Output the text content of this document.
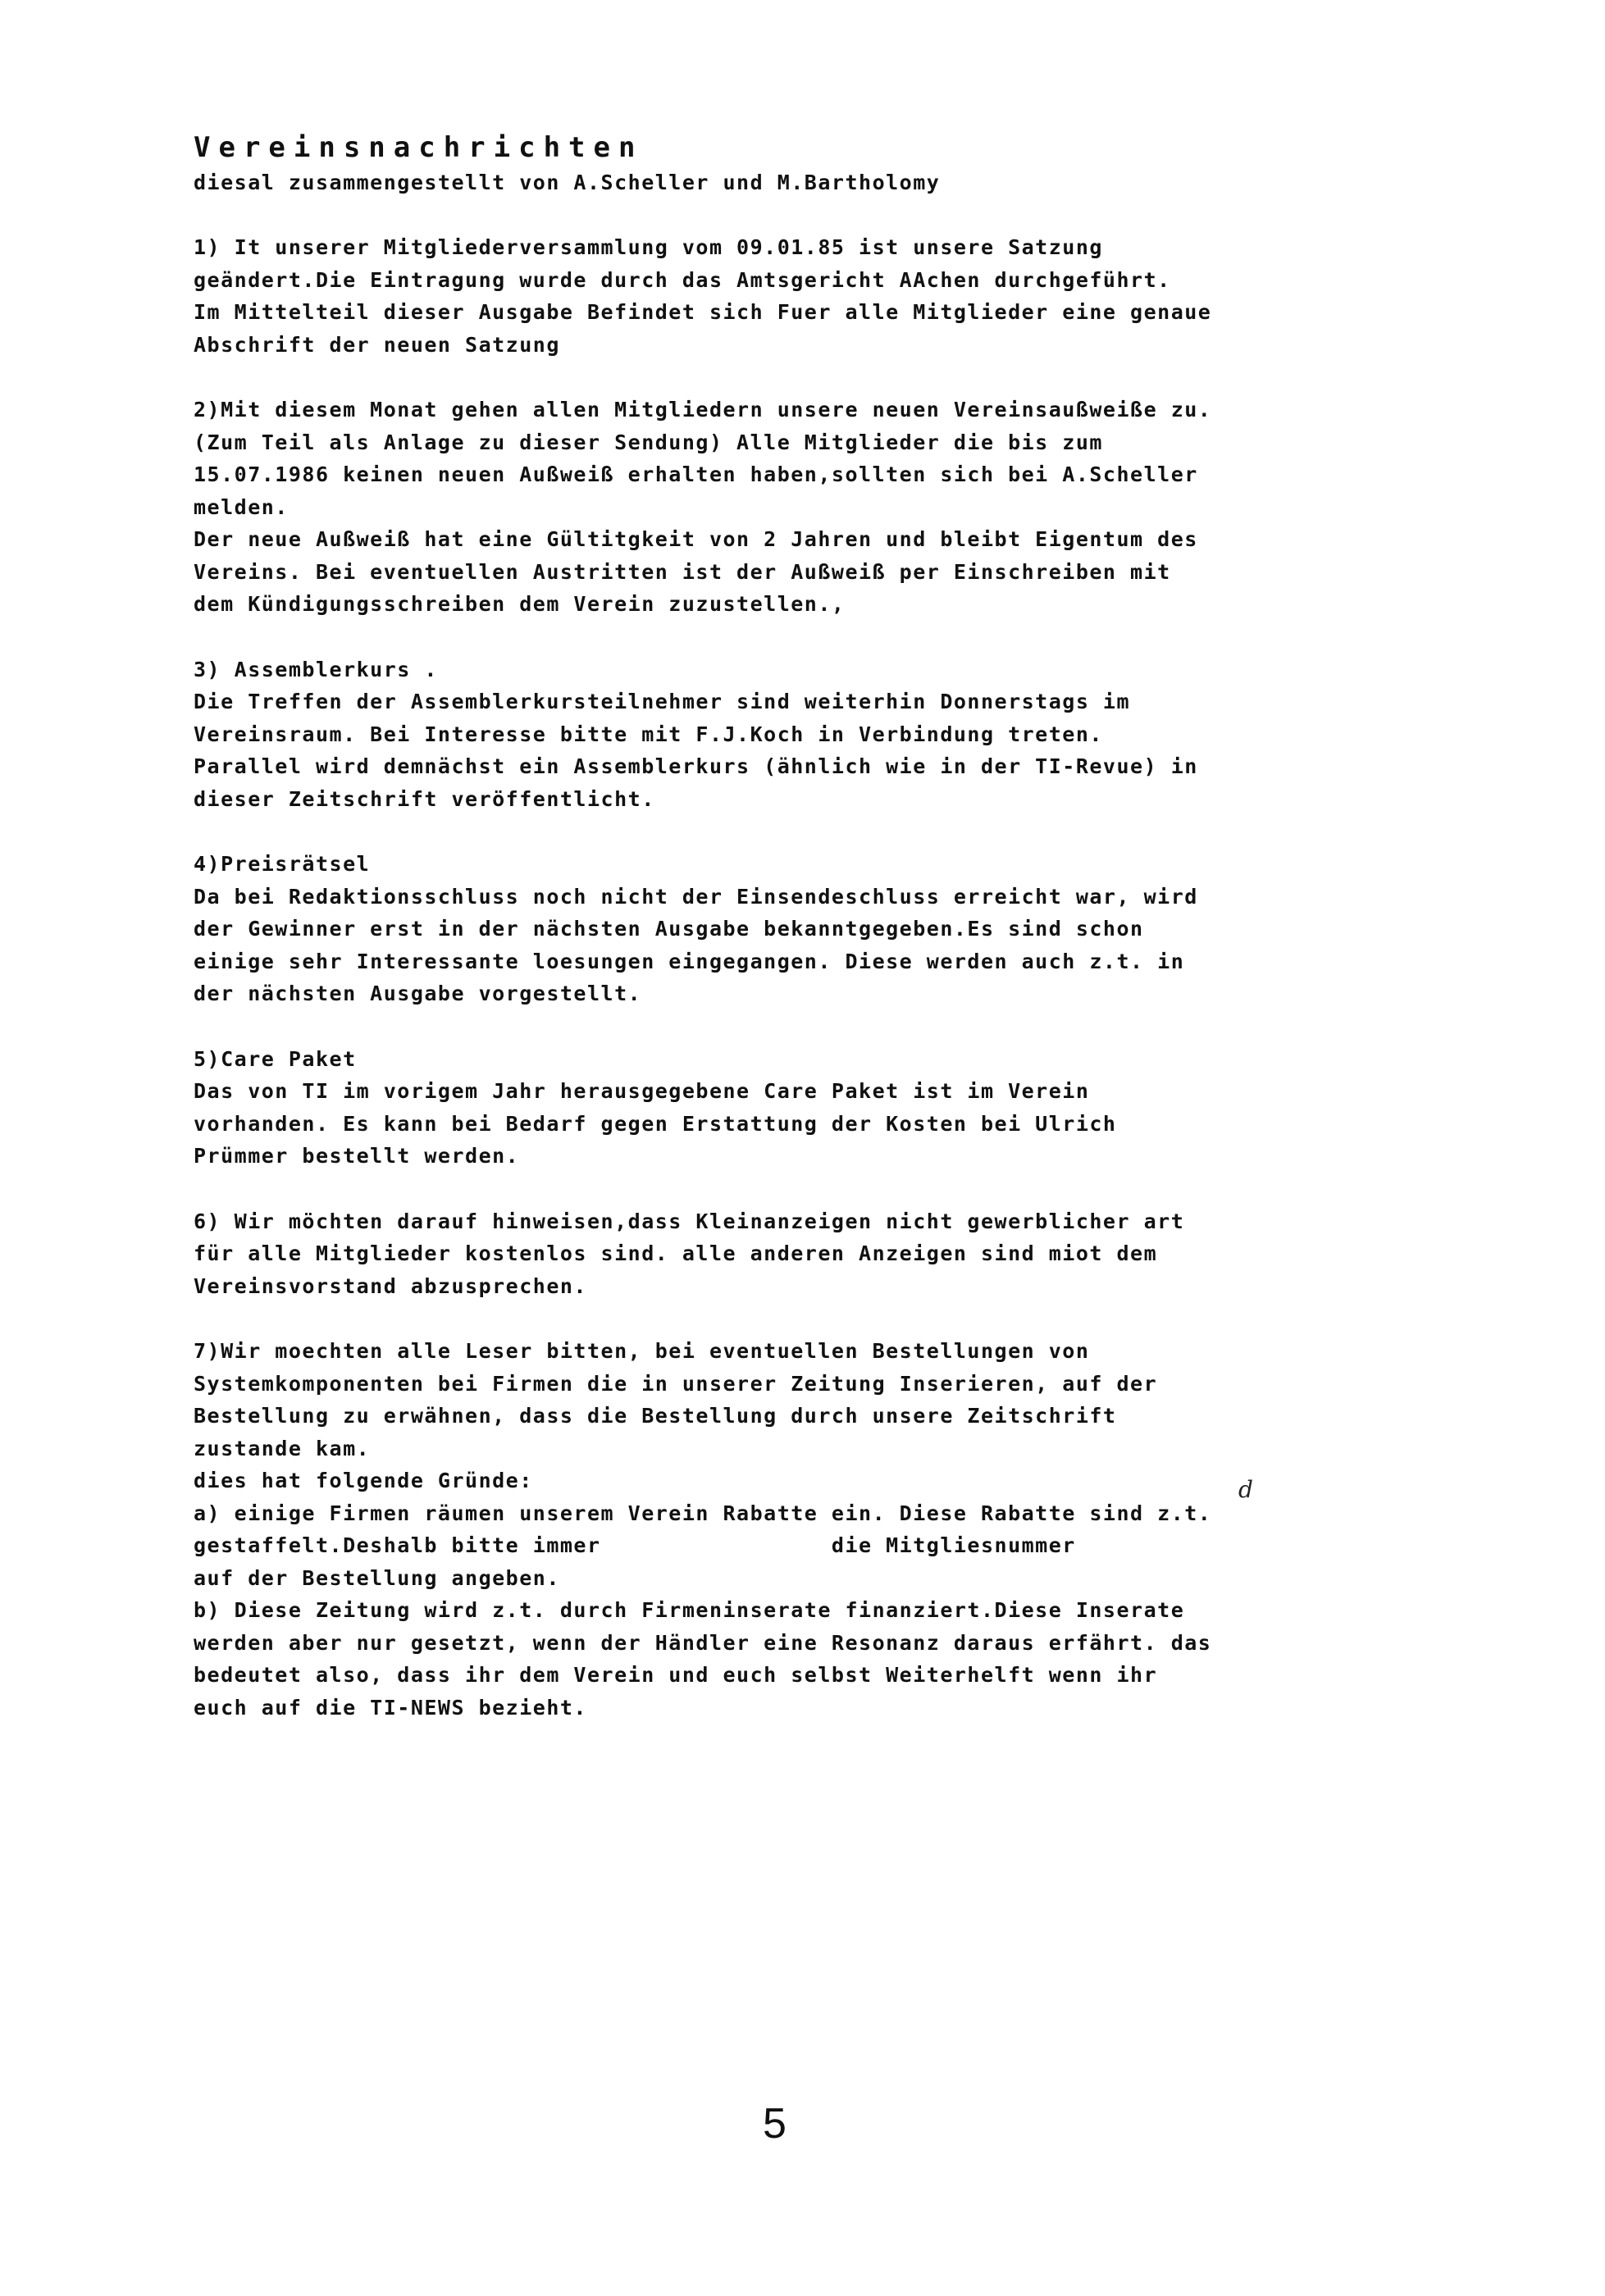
Vereinsnachrichten
diesal zusammengestellt von A.Scheller und M.Bartholomy
1) It unserer Mitgliederversammlung vom 09.01.85 ist unsere Satzung
geändert.Die Eintragung wurde durch das Amtsgericht AAchen durchgeführt.
Im Mittelteil dieser Ausgabe Befindet sich Fuer alle Mitglieder eine genaue
Abschrift der neuen Satzung
2)Mit diesem Monat gehen allen Mitgliedern unsere neuen Vereinsaußweiße zu.
(Zum Teil als Anlage zu dieser Sendung) Alle Mitglieder die bis zum
15.07.1986 keinen neuen Außweiß erhalten haben,sollten sich bei A.Scheller
melden.
Der neue Außweiß hat eine Gültitgkeit von 2 Jahren und bleibt Eigentum des
Vereins. Bei eventuellen Austritten ist der Außweiß per Einschreiben mit
dem Kündigungsschreiben dem Verein zuzustellen.,
3) Assemblerkurs .
Die Treffen der Assemblerkursteilnehmer sind weiterhin Donnerstags im
Vereinsraum. Bei Interesse bitte mit F.J.Koch in Verbindung treten.
Parallel wird demnächst ein Assemblerkurs (ähnlich wie in der TI-Revue) in
dieser Zeitschrift veröffentlicht.
4)Preisrätsel
Da bei Redaktionsschluss noch nicht der Einsendeschluss erreicht war, wird
der Gewinner erst in der nächsten Ausgabe bekanntgegeben.Es sind schon
einige sehr Interessante loesungen eingegangen. Diese werden auch z.t. in
der nächsten Ausgabe vorgestellt.
5)Care Paket
Das von TI im vorigem Jahr herausgegebene Care Paket ist im Verein
vorhanden. Es kann bei Bedarf gegen Erstattung der Kosten bei Ulrich
Prümmer bestellt werden.
6) Wir möchten darauf hinweisen,dass Kleinanzeigen nicht gewerblicher art
für alle Mitglieder kostenlos sind. alle anderen Anzeigen sind miot dem
Vereinsvorstand abzusprechen.
7)Wir moechten alle Leser bitten, bei eventuellen Bestellungen von
Systemkomponenten bei Firmen die in unserer Zeitung Inserieren, auf der
Bestellung zu erwähnen, dass die Bestellung durch unsere Zeitschrift
zustande kam.
dies hat folgende Gründe:
a) einige Firmen räumen unserem Verein Rabatte ein. Diese Rabatte sind z.t.
gestaffelt.Deshalb bitte immer                 die Mitgliesnummer
auf der Bestellung angeben.
b) Diese Zeitung wird z.t. durch Firmeninserate finanziert.Diese Inserate
werden aber nur gesetzt, wenn der Händler eine Resonanz daraus erfährt. das
bedeutet also, dass ihr dem Verein und euch selbst Weiterhelft wenn ihr
euch auf die TI-NEWS bezieht.
d
5
